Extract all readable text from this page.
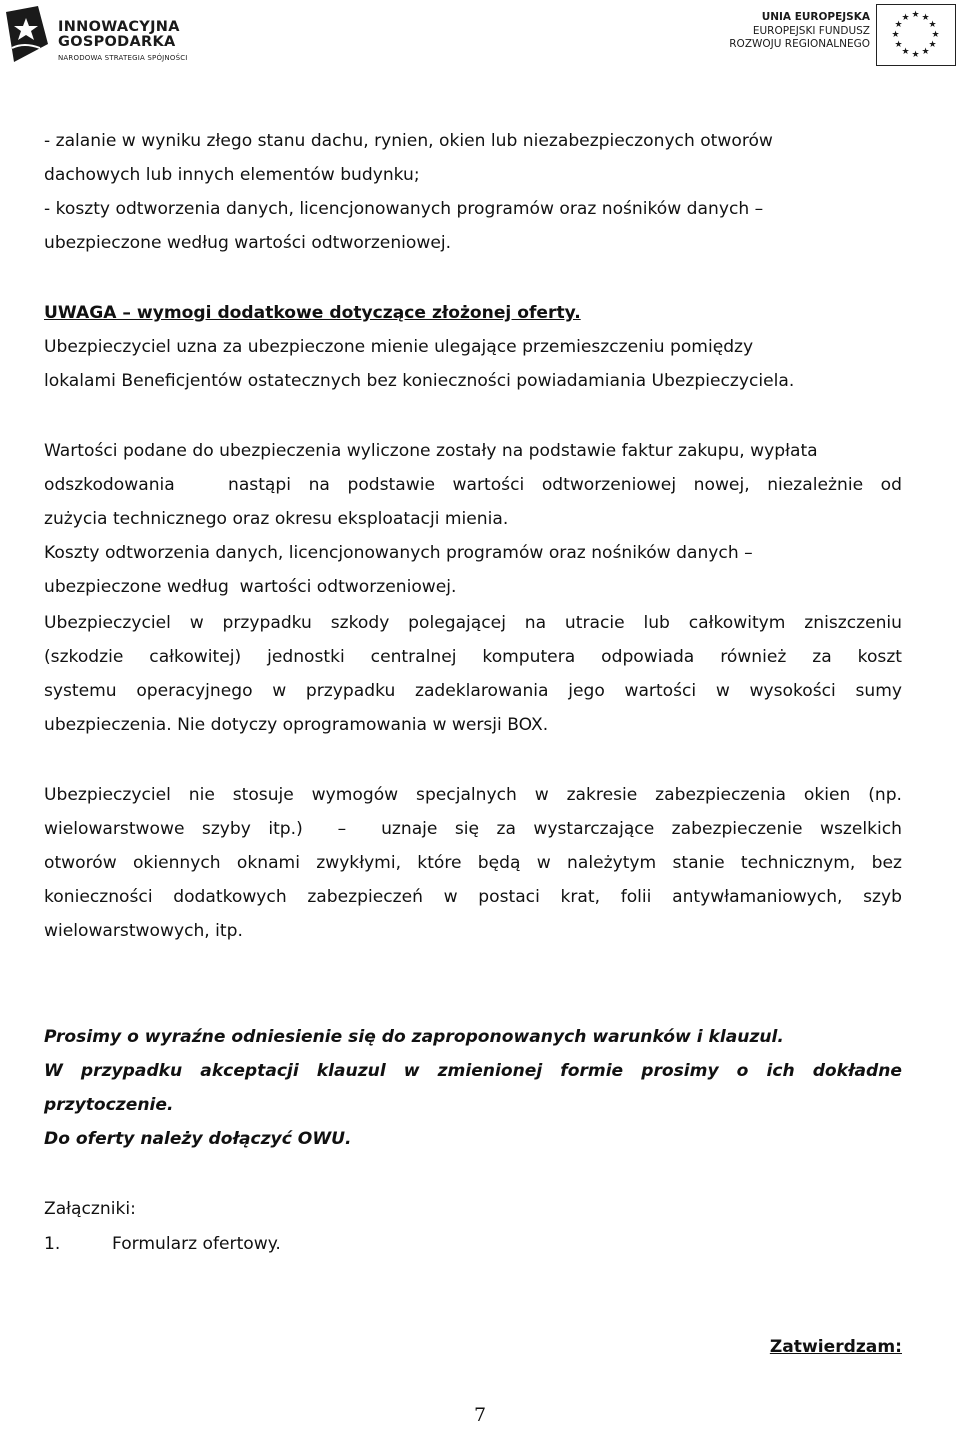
INNOWACYJNA
GOSPODARKA
NARODOWA STRATEGIA SPÓJNOŚCI
UNIA EUROPEJSKA
EUROPEJSKI FUNDUSZ
ROZWOJU REGIONALNEGO
★ ★
★
★
★
★
★
★
★
★
★
★
- zalanie w wyniku złego stanu dachu, rynien, okien lub niezabezpieczonych otworów
dachowych lub innych elementów budynku;
- koszty odtworzenia danych, licencjonowanych programów oraz nośników danych –
ubezpieczone według wartości odtworzeniowej.
UWAGA – wymogi dodatkowe dotyczące złożonej oferty.
Ubezpieczyciel uzna za ubezpieczone mienie ulegające przemieszczeniu pomiędzy
lokalami Beneficjentów ostatecznych bez konieczności powiadamiania Ubezpieczyciela.
Wartości podane do ubezpieczenia wyliczone zostały na podstawie faktur zakupu, wypłata
odszkodowania	nastąpi na podstawie wartości odtworzeniowej nowej, niezależnie od
zużycia technicznego oraz okresu eksploatacji mienia.
Koszty odtworzenia danych, licencjonowanych programów oraz nośników danych –
ubezpieczone według  wartości odtworzeniowej.
Ubezpieczyciel w przypadku szkody polegającej na utracie lub całkowitym zniszczeniu
(szkodzie całkowitej) jednostki centralnej komputera odpowiada również za koszt
systemu operacyjnego w przypadku zadeklarowania jego wartości w wysokości sumy
ubezpieczenia. Nie dotyczy oprogramowania w wersji BOX.
Ubezpieczyciel nie stosuje wymogów specjalnych w zakresie zabezpieczenia okien (np.
wielowarstwowe szyby itp.)  –  uznaje się za wystarczające zabezpieczenie wszelkich
otworów okiennych oknami zwykłymi, które będą w należytym stanie technicznym, bez
konieczności dodatkowych zabezpieczeń w postaci krat, folii antywłamaniowych, szyb
wielowarstwowych, itp.
Prosimy o wyraźne odniesienie się do zaproponowanych warunków i klauzul.
W przypadku akceptacji klauzul w zmienionej formie prosimy o ich dokładne
przytoczenie.
Do oferty należy dołączyć OWU.
Załączniki:
1.	Formularz ofertowy.
Zatwierdzam:
7
